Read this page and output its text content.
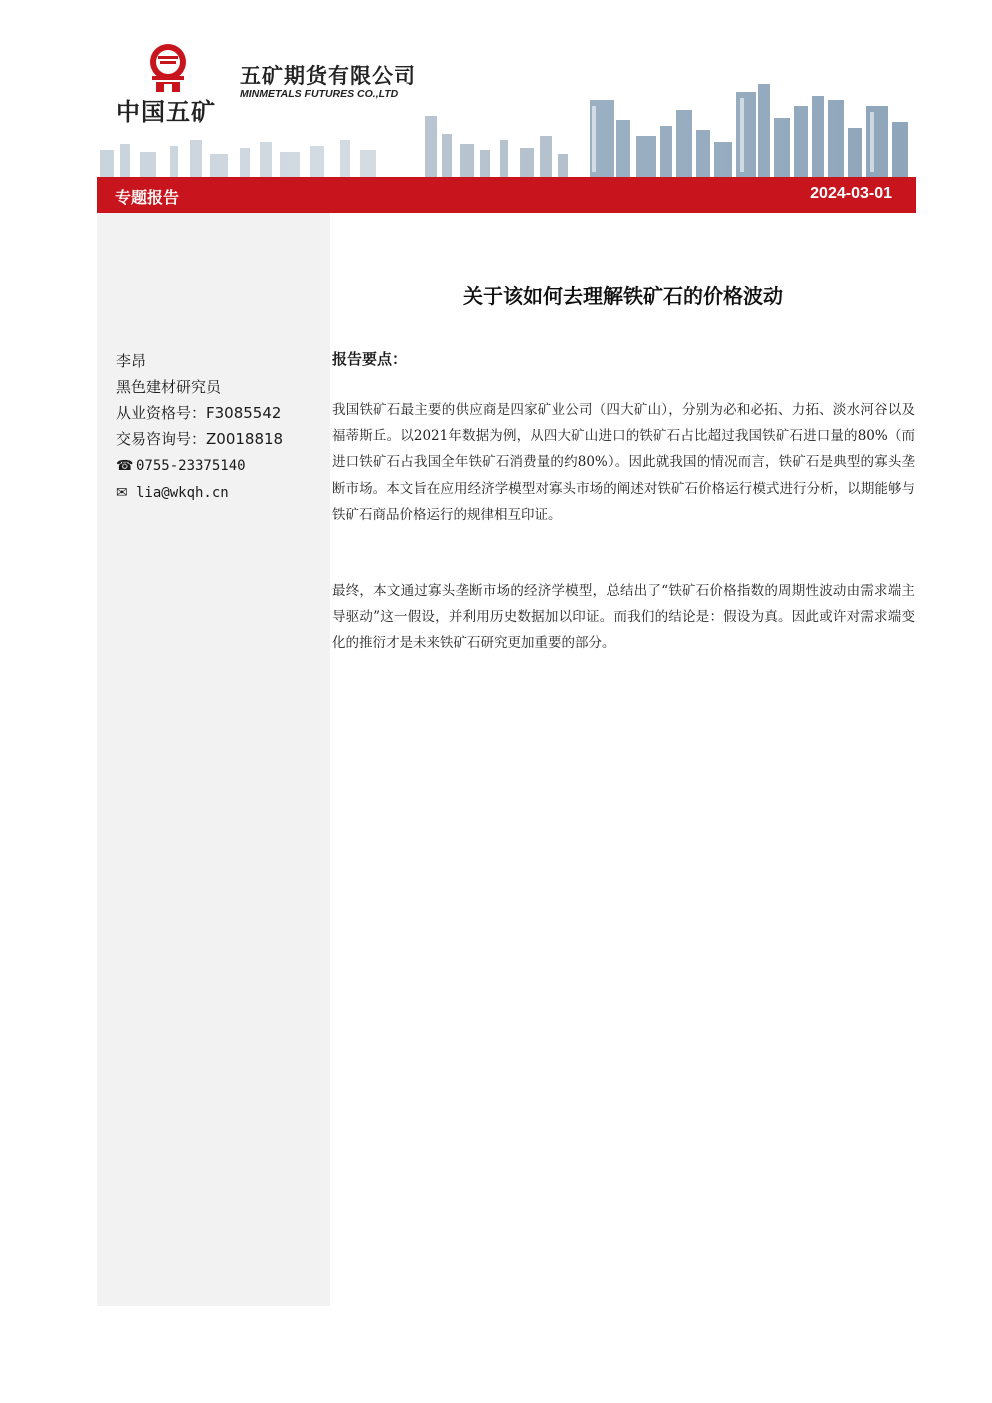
中国五矿
五矿期货有限公司
MINMETALS FUTURES CO.,LTD
专题报告	2024-03-01
李昂
黑色建材研究员
从业资格号：F3085542
交易咨询号：Z0018818
☎ 0755-23375140
✉ lia@wkqh.cn
关于该如何去理解铁矿石的价格波动
报告要点：
我国铁矿石最主要的供应商是四家矿业公司（四大矿山），分别为必和必拓、力拓、淡水河谷以及福蒂斯丘。以2021年数据为例，从四大矿山进口的铁矿石占比超过我国铁矿石进口量的80%（而进口铁矿石占我国全年铁矿石消费量的约80%）。因此就我国的情况而言，铁矿石是典型的寡头垄断市场。本文旨在应用经济学模型对寡头市场的阐述对铁矿石价格运行模式进行分析，以期能够与铁矿石商品价格运行的规律相互印证。
最终，本文通过寡头垄断市场的经济学模型，总结出了“铁矿石价格指数的周期性波动由需求端主导驱动”这一假设，并利用历史数据加以印证。而我们的结论是：假设为真。因此或许对需求端变化的推衍才是未来铁矿石研究更加重要的部分。
